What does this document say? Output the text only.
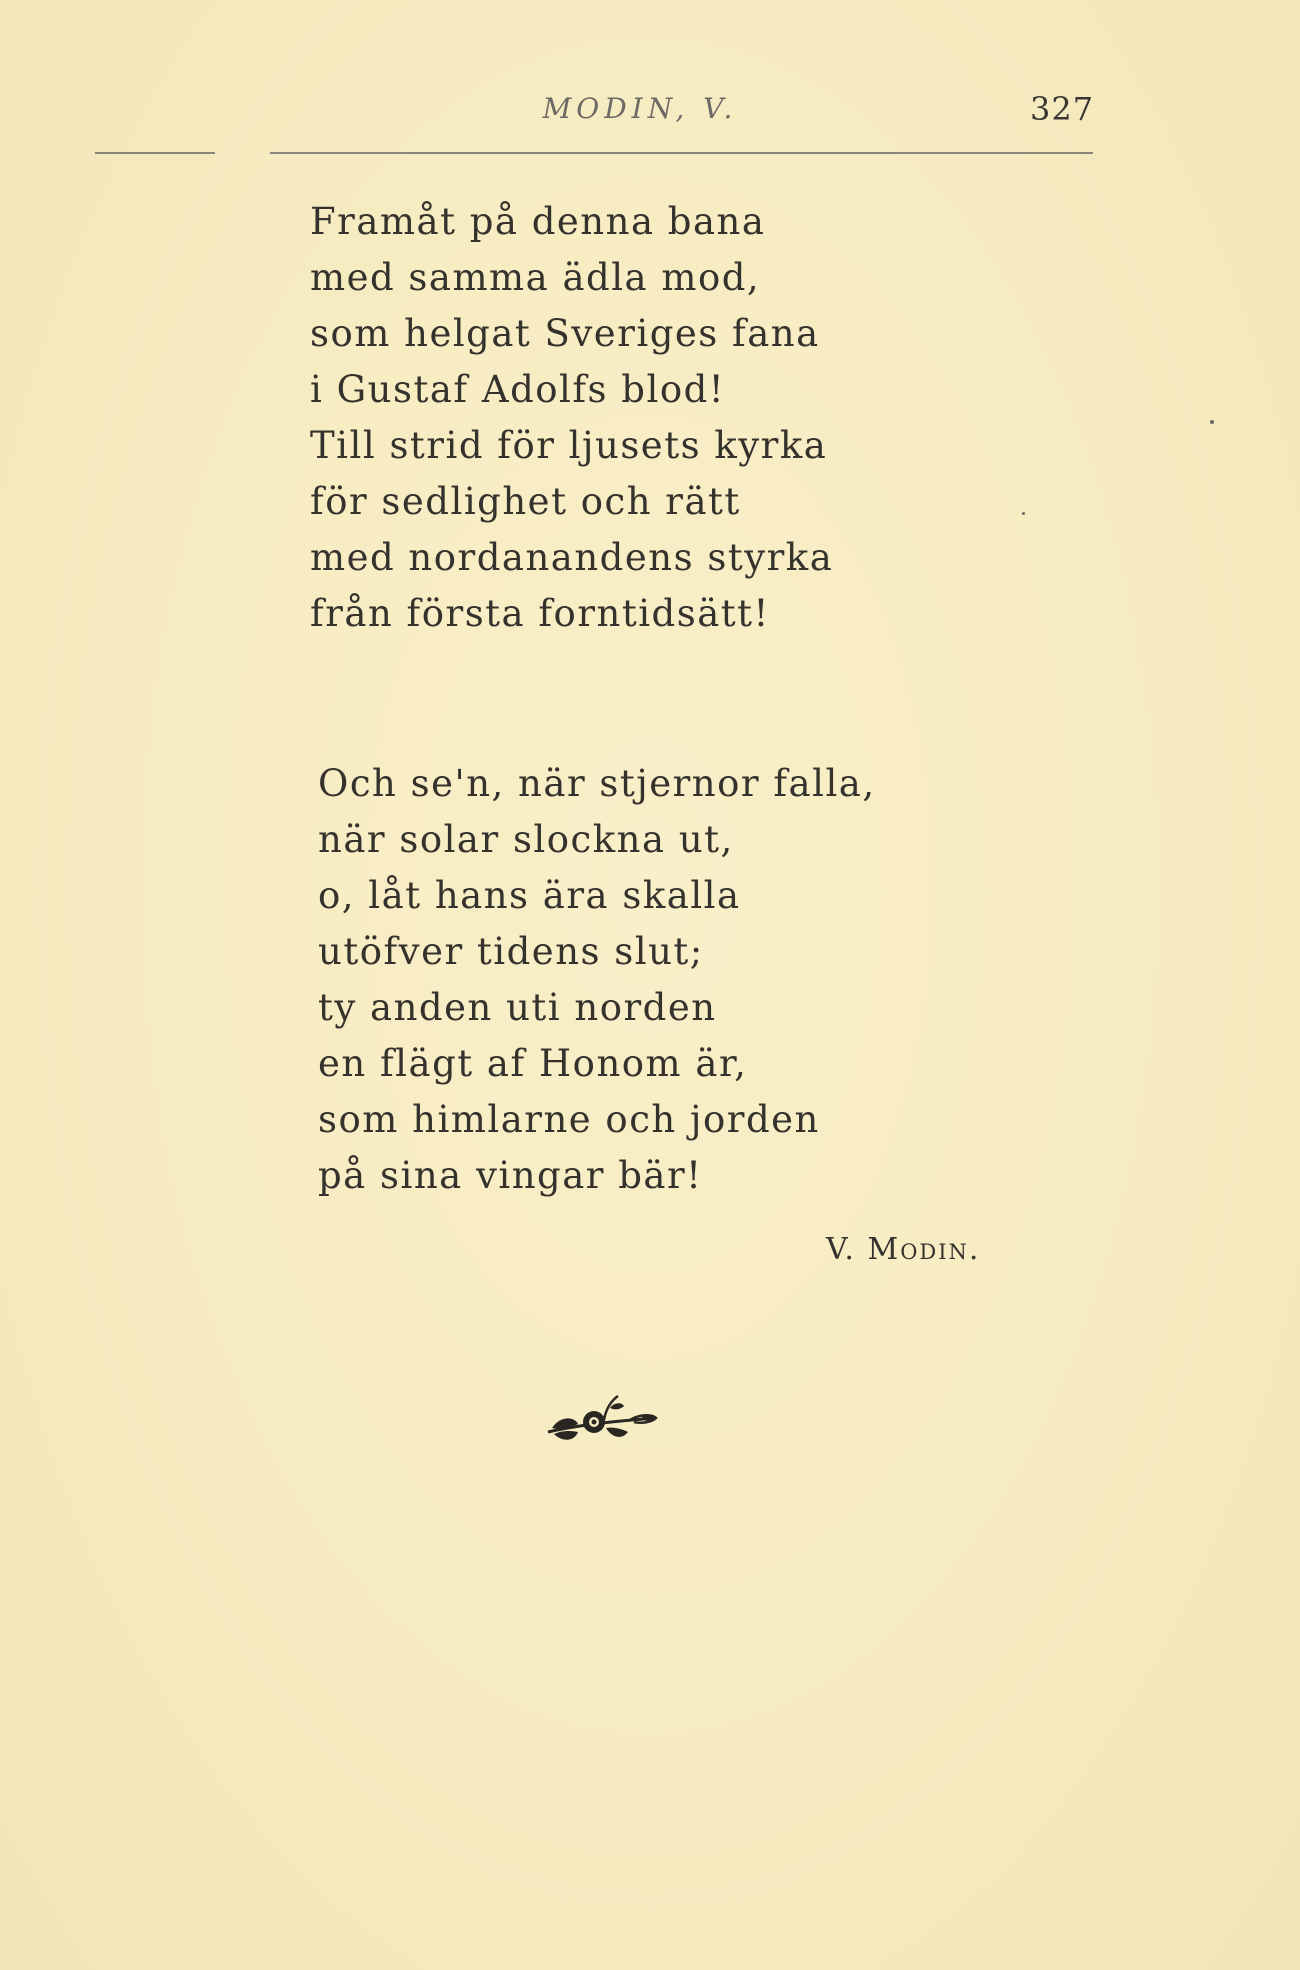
MODIN, V.	327
Framåt på denna bana
med samma ädla mod,
som helgat Sveriges fana
i Gustaf Adolfs blod!
Till strid för ljusets kyrka
för sedlighet och rätt
med nordanandens styrka
från första forntidsätt!
Och se'n, när stjernor falla,
när solar slockna ut,
o, låt hans ära skalla
utöfver tidens slut;
ty anden uti norden
en flägt af Honom är,
som himlarne och jorden
på sina vingar bär!
V. Modin.
